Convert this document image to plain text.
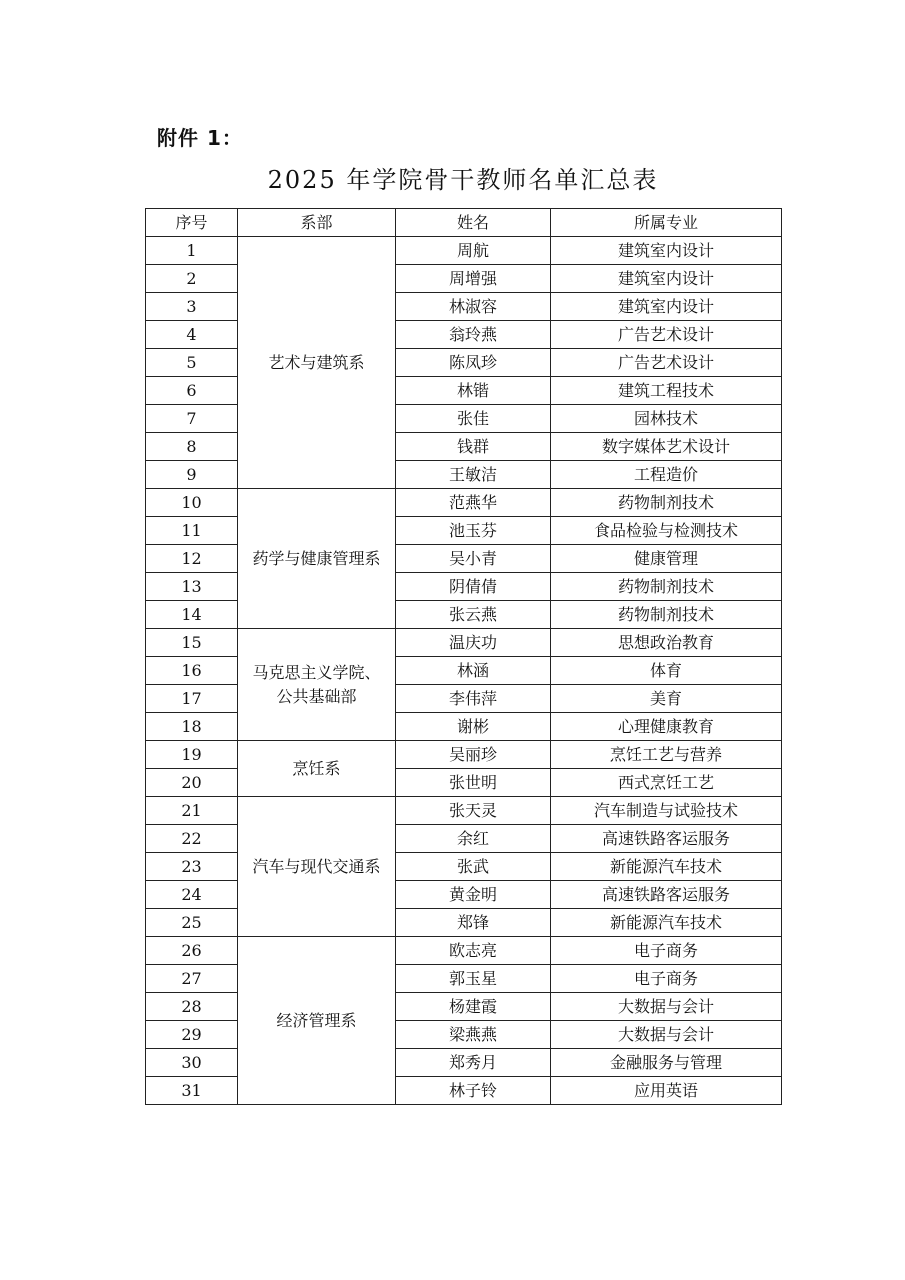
附件 1：
2025 年学院骨干教师名单汇总表
序号	系部	姓名	所属专业
1	艺术与建筑系	周航	建筑室内设计
2		周增强	建筑室内设计
3		林淑容	建筑室内设计
4		翁玲燕	广告艺术设计
5		陈凤珍	广告艺术设计
6		林锴	建筑工程技术
7		张佳	园林技术
8		钱群	数字媒体艺术设计
9		王敏洁	工程造价
10	药学与健康管理系	范燕华	药物制剂技术
11		池玉芬	食品检验与检测技术
12		吴小青	健康管理
13		阴倩倩	药物制剂技术
14		张云燕	药物制剂技术
15	马克思主义学院、
公共基础部	温庆功	思想政治教育
16		林涵	体育
17		李伟萍	美育
18		谢彬	心理健康教育
19	烹饪系	吴丽珍	烹饪工艺与营养
20		张世明	西式烹饪工艺
21	汽车与现代交通系	张天灵	汽车制造与试验技术
22		余红	高速铁路客运服务
23		张武	新能源汽车技术
24		黄金明	高速铁路客运服务
25		郑锋	新能源汽车技术
26	经济管理系	欧志亮	电子商务
27		郭玉星	电子商务
28		杨建霞	大数据与会计
29		梁燕燕	大数据与会计
30		郑秀月	金融服务与管理
31		林子铃	应用英语
